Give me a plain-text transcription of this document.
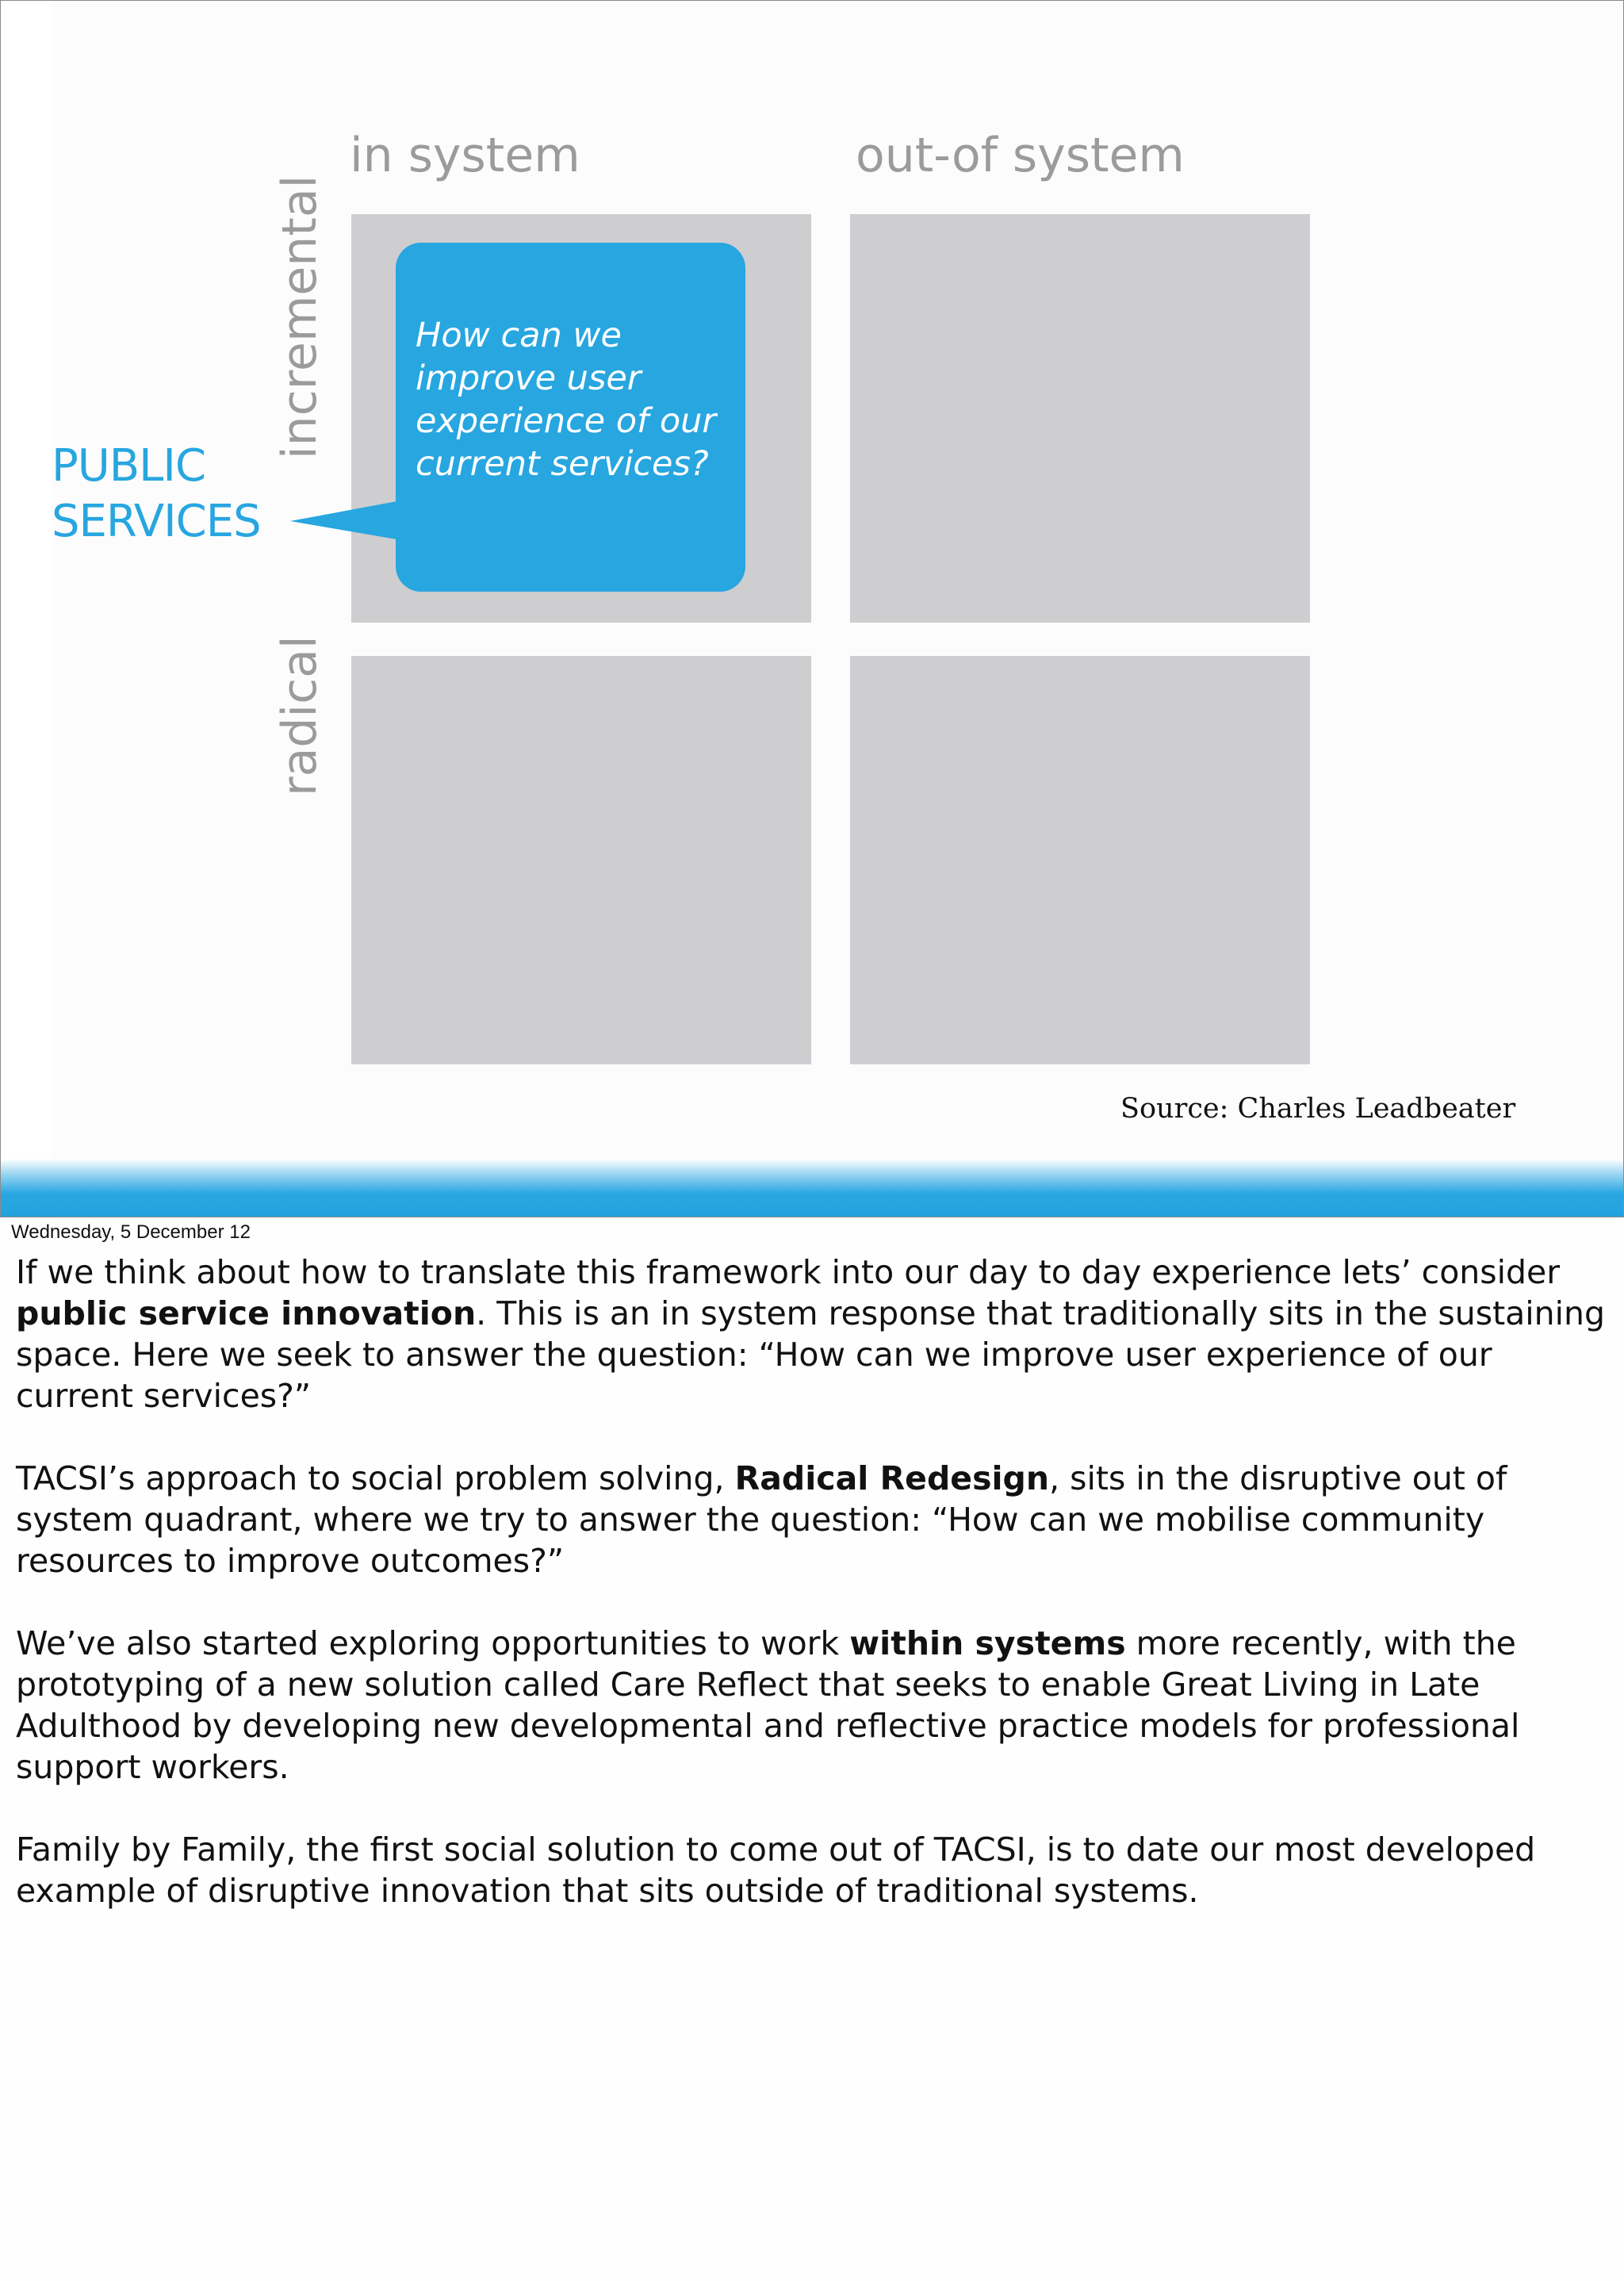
in system	out-of system
incremental
radical
How can we improve user experience of our current services?
PUBLIC SERVICES
Source: Charles Leadbeater
Wednesday, 5 December 12

If we think about how to translate this framework into our day to day experience lets’ consider public service innovation. This is an in system response that traditionally sits in the sustaining space. Here we seek to answer the question: “How can we improve user experience of our current services?”

TACSI’s approach to social problem solving, Radical Redesign, sits in the disruptive out of system quadrant, where we try to answer the question: “How can we mobilise community resources to improve outcomes?”

We’ve also started exploring opportunities to work within systems more recently, with the prototyping of a new solution called Care Reflect that seeks to enable Great Living in Late Adulthood by developing new developmental and reflective practice models for professional support workers.

Family by Family, the first social solution to come out of TACSI, is to date our most developed example of disruptive innovation that sits outside of traditional systems.
